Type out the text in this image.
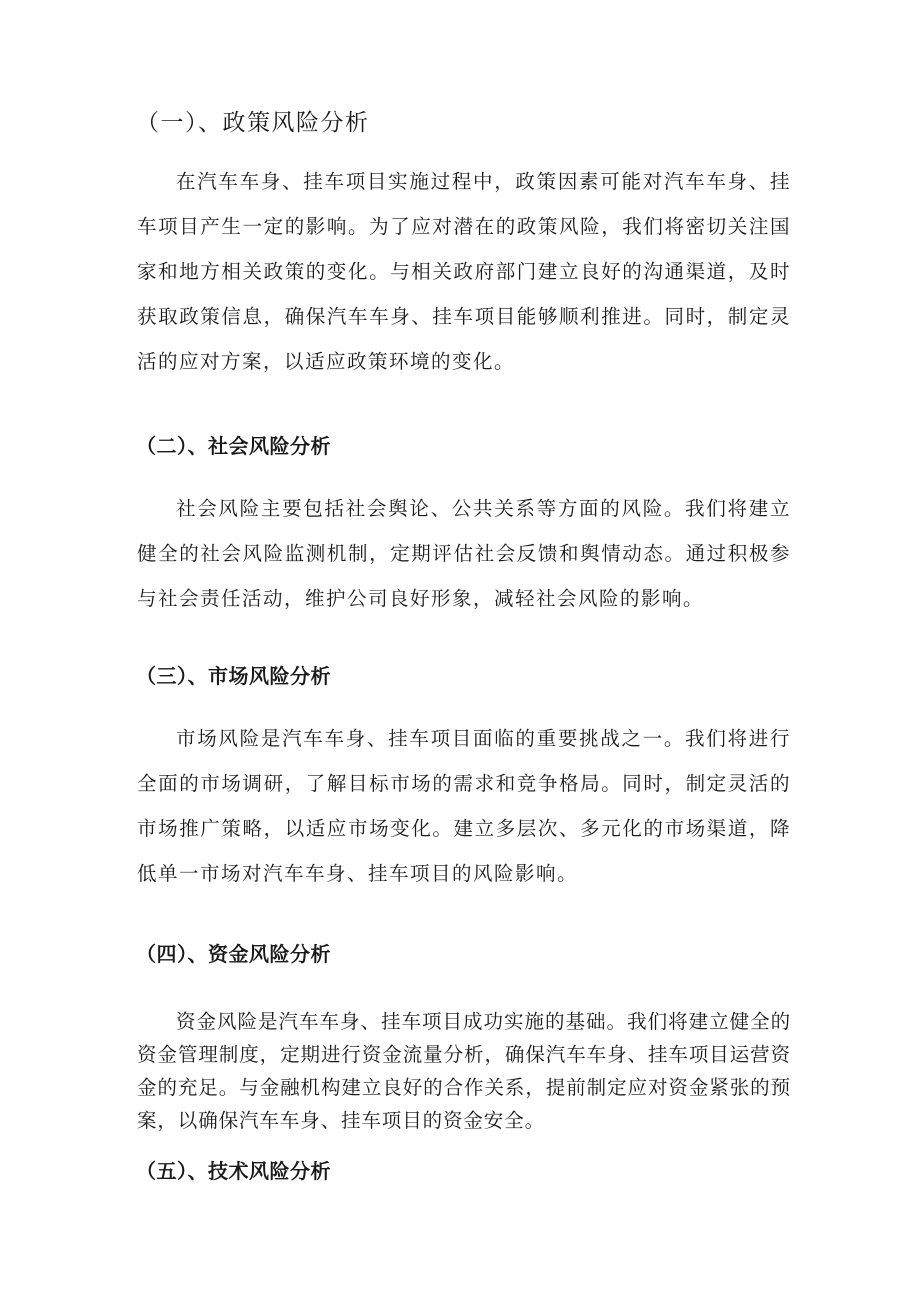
（一）、政策风险分析

在汽车车身、挂车项目实施过程中，政策因素可能对汽车车身、挂车项目产生一定的影响。为了应对潜在的政策风险，我们将密切关注国家和地方相关政策的变化。与相关政府部门建立良好的沟通渠道，及时获取政策信息，确保汽车车身、挂车项目能够顺利推进。同时，制定灵活的应对方案，以适应政策环境的变化。

（二）、社会风险分析

社会风险主要包括社会舆论、公共关系等方面的风险。我们将建立健全的社会风险监测机制，定期评估社会反馈和舆情动态。通过积极参与社会责任活动，维护公司良好形象，减轻社会风险的影响。

（三）、市场风险分析

市场风险是汽车车身、挂车项目面临的重要挑战之一。我们将进行全面的市场调研，了解目标市场的需求和竞争格局。同时，制定灵活的市场推广策略，以适应市场变化。建立多层次、多元化的市场渠道，降低单一市场对汽车车身、挂车项目的风险影响。

（四）、资金风险分析

资金风险是汽车车身、挂车项目成功实施的基础。我们将建立健全的资金管理制度，定期进行资金流量分析，确保汽车车身、挂车项目运营资金的充足。与金融机构建立良好的合作关系，提前制定应对资金紧张的预案，以确保汽车车身、挂车项目的资金安全。

（五）、技术风险分析
